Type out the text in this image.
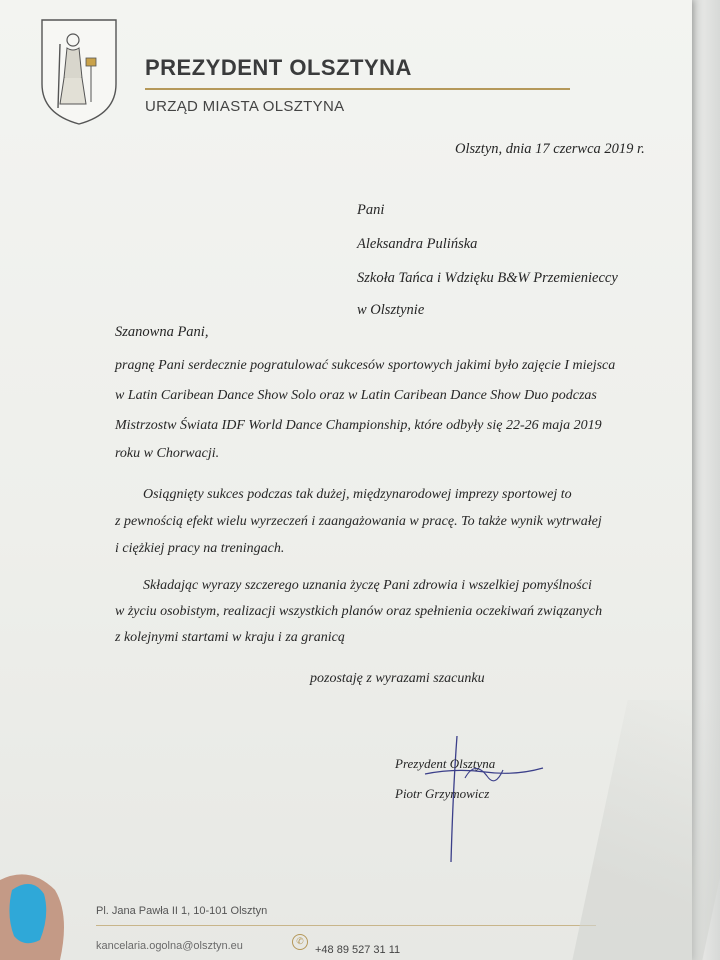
PREZYDENT OLSZTYNA
URZĄD MIASTA OLSZTYNA
Olsztyn, dnia 17 czerwca 2019 r.
Pani
Aleksandra Pulińska
Szkoła Tańca i Wdzięku B&W Przemienieccy
w Olsztynie
Szanowna Pani,
pragnę Pani serdecznie pogratulować sukcesów sportowych jakimi było zajęcie I miejsca
w Latin Caribean Dance Show Solo oraz w Latin Caribean Dance Show Duo podczas
Mistrzostw Świata IDF World Dance Championship, które odbyły się 22-26 maja 2019
roku w Chorwacji.
Osiągnięty sukces podczas tak dużej, międzynarodowej imprezy sportowej to
z pewnością efekt wielu wyrzeczeń i zaangażowania w pracę. To także wynik wytrwałej
i ciężkiej pracy na treningach.
Składając wyrazy szczerego uznania życzę Pani zdrowia i wszelkiej pomyślności
w życiu osobistym, realizacji wszystkich planów oraz spełnienia oczekiwań związanych
z kolejnymi startami w kraju i za granicą
pozostaję z wyrazami szacunku
Prezydent Olsztyna
Piotr Grzymowicz
Pl. Jana Pawła II 1, 10-101 Olsztyn
kancelaria.ogolna@olsztyn.eu	✆
+48 89 527 31 11
